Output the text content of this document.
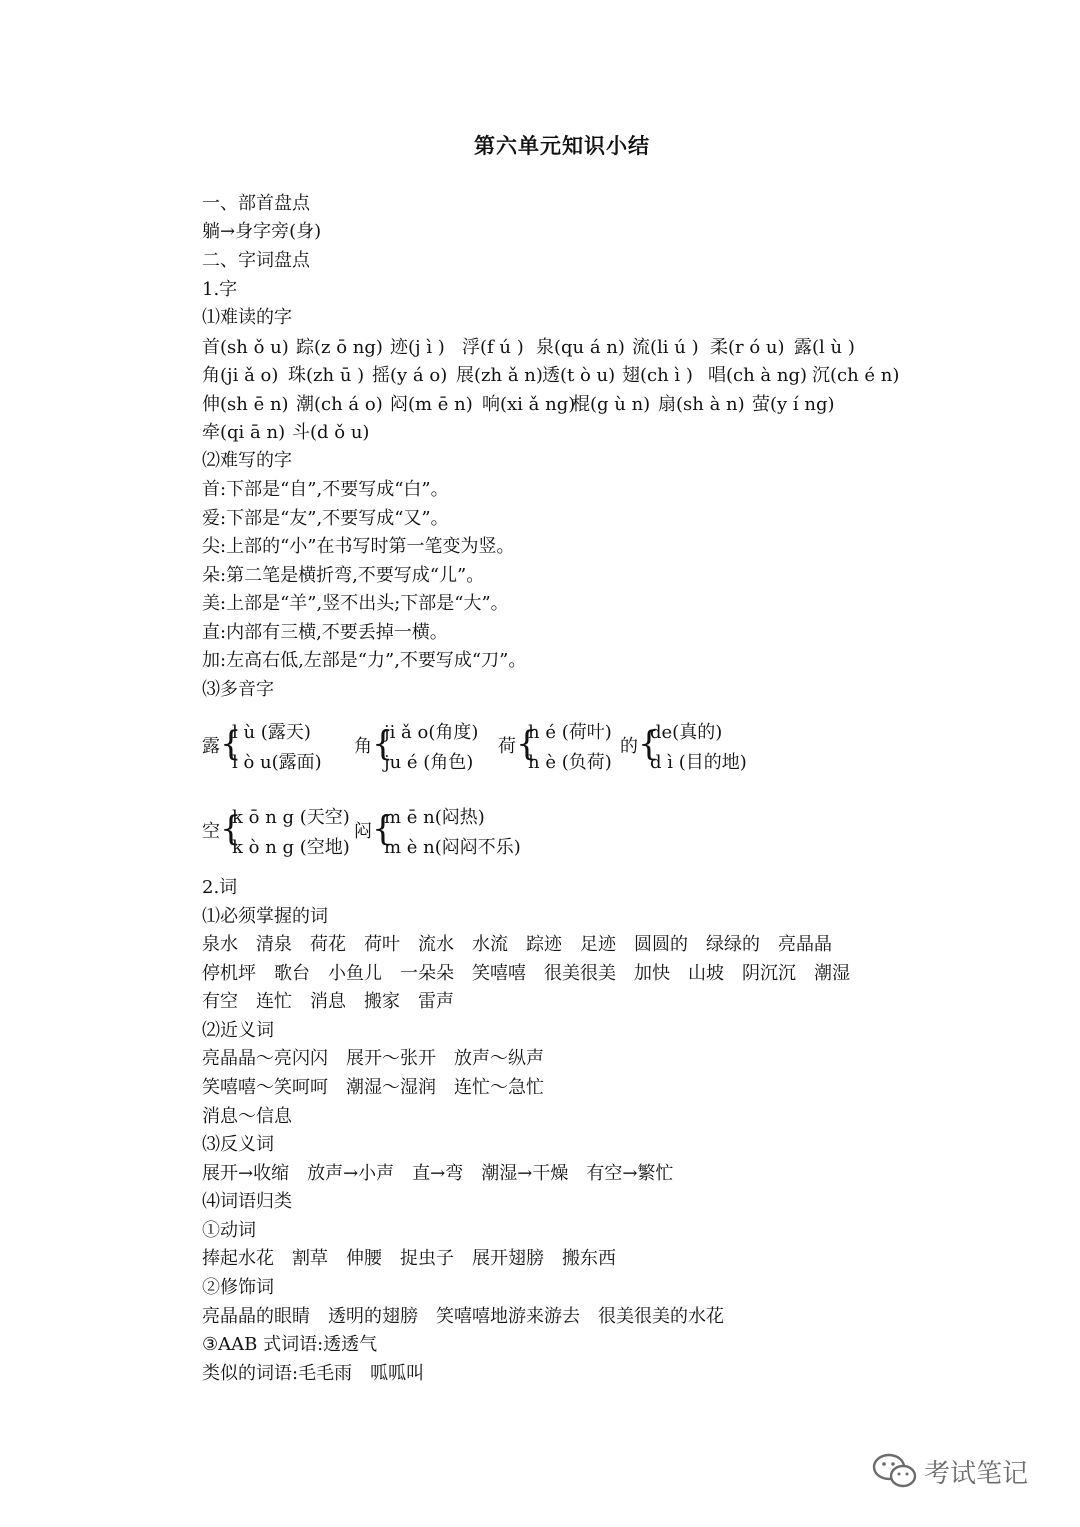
第六单元知识小结
一、部首盘点
躺→身字旁(身)
二、字词盘点
1.字
⑴难读的字
首(sh ǒ u) 踪(z ō ng) 迹(j ì ) 浮(f ú ) 泉(qu á n) 流(li ú ) 柔(r ó u) 露(l ù )
角(ji ǎ o) 珠(zh ū ) 摇(y á o) 展(zh ǎ n) 透(t ò u) 翅(ch ì ) 唱(ch à ng) 沉(ch é n)
伸(sh ē n) 潮(ch á o) 闷(m ē n) 响(xi ǎ ng)
棍(g ù n) 扇(sh à n) 萤(y í ng)
牵(qi ā n) 斗(d ǒ u)
⑵难写的字
首:下部是“自”,不要写成“白”。
爱:下部是“友”,不要写成“又”。
尖:上部的“小”在书写时第一笔变为竖。
朵:第二笔是横折弯,不要写成“儿”。
美:上部是“羊”,竖不出头;下部是“大”。
直:内部有三横,不要丢掉一横。
加:左高右低,左部是“力”,不要写成“刀”。
⑶多音字
露 {
l ù (露天)
l ò u(露面)
角 {
ji ǎ o(角度)
ju é (角色)
荷 {
h é (荷叶)
h è (负荷)
的 {
de(真的)
d ì (目的地)
空 {
k ō n g (天空)
k ò n g (空地)
闷 {
m ē n(闷热)
m è n(闷闷不乐)
2.词
⑴必须掌握的词
泉水　清泉　荷花　荷叶　流水　水流　踪迹　足迹　圆圆的　绿绿的　亮晶晶
停机坪　歌台　小鱼儿　一朵朵　笑嘻嘻　很美很美　加快　山坡　阴沉沉　潮湿
有空　连忙　消息　搬家　雷声
⑵近义词
亮晶晶～亮闪闪　展开～张开　放声～纵声
笑嘻嘻～笑呵呵　潮湿～湿润　连忙～急忙
消息～信息
⑶反义词
展开→收缩　放声→小声　直→弯　潮湿→干燥　有空→繁忙
⑷词语归类
①动词
捧起水花　割草　伸腰　捉虫子　展开翅膀　搬东西
②修饰词
亮晶晶的眼睛　透明的翅膀　笑嘻嘻地游来游去　很美很美的水花
③AAB 式词语:透透气
类似的词语:毛毛雨　呱呱叫
考试笔记
